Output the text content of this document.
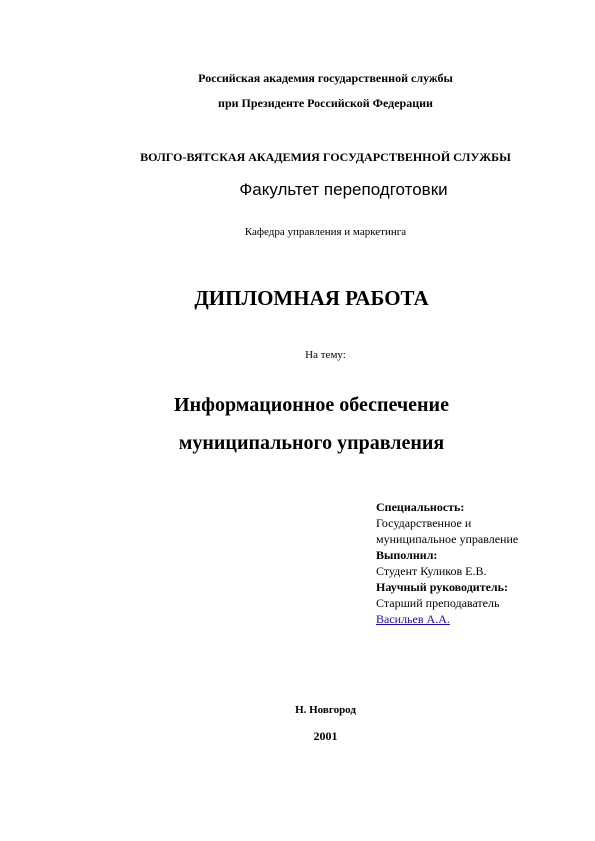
Российская академия государственной службы
при Президенте Российской Федерации
ВОЛГО-ВЯТСКАЯ АКАДЕМИЯ ГОСУДАРСТВЕННОЙ СЛУЖБЫ
Факультет переподготовки
Кафедра управления и маркетинга
ДИПЛОМНАЯ РАБОТА
На тему:
Информационное обеспечение
муниципального управления
Специальность:
Государственное и
муниципальное управление
Выполнил:
Студент Куликов Е.В.
Научный руководитель:
Старший преподаватель
Васильев А.А.
Н. Новгород
2001
